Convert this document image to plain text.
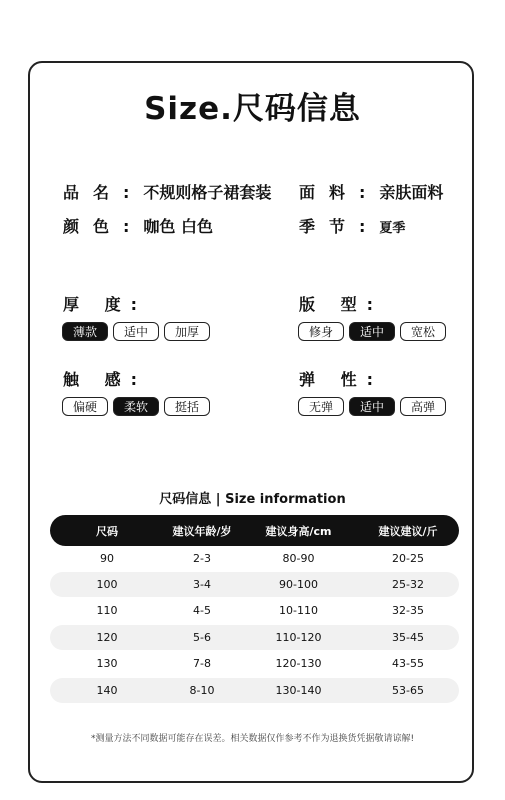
Size.尺码信息
品名:不规则格子裙套装 面料:亲肤面料
颜色:咖色 白色	季节:夏季
厚 度:
薄款	适中	加厚
版 型:
修身	适中	宽松
触 感:
偏硬	柔软	挺括
弹 性:
无弹	适中	高弹
尺码信息 | Size information
尺码	建议年龄/岁	建议身高/cm	建议建议/斤
90	2-3	80-90	20-25
100	3-4	90-100	25-32
110	4-5	10-110	32-35
120	5-6	110-120	35-45
130	7-8	120-130	43-55
140	8-10	130-140	53-65
*测量方法不同数据可能存在误差。相关数据仅作参考不作为退换货凭据敬请谅解!
